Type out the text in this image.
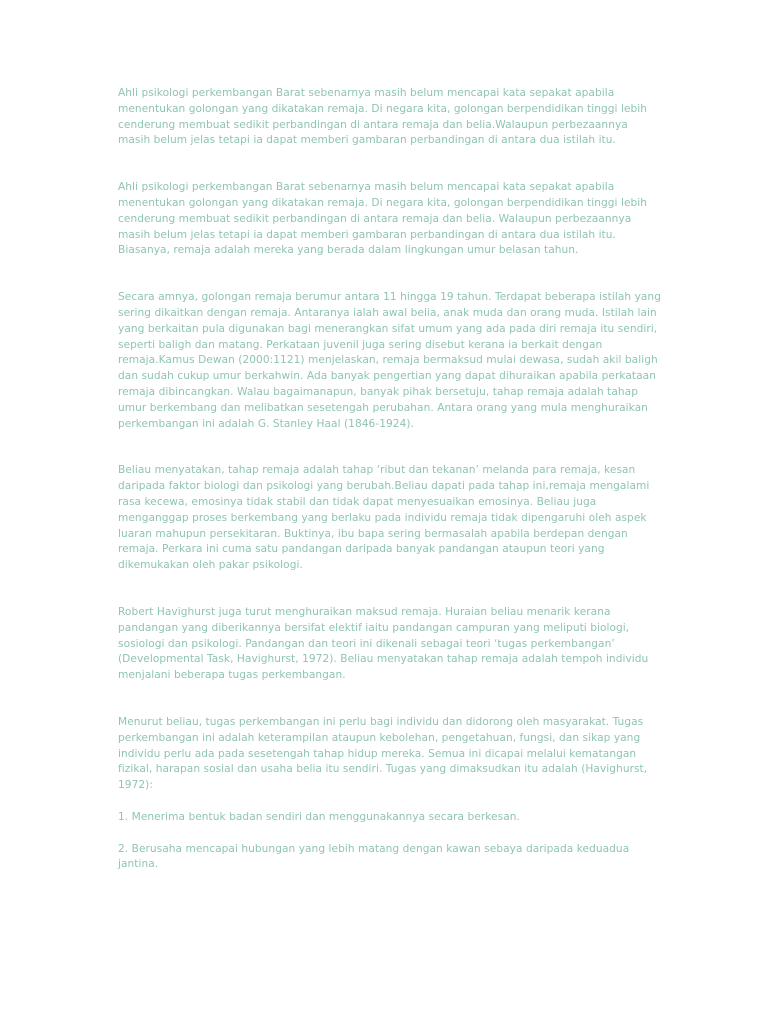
Ahli psikologi perkembangan Barat sebenarnya masih belum mencapai kata sepakat apabila
menentukan golongan yang dikatakan remaja. Di negara kita, golongan berpendidikan tinggi lebih
cenderung membuat sedikit perbandingan di antara remaja dan belia.Walaupun perbezaannya
masih belum jelas tetapi ia dapat memberi gambaran perbandingan di antara dua istilah itu.

Ahli psikologi perkembangan Barat sebenarnya masih belum mencapai kata sepakat apabila
menentukan golongan yang dikatakan remaja. Di negara kita, golongan berpendidikan tinggi lebih
cenderung membuat sedikit perbandingan di antara remaja dan belia. Walaupun perbezaannya
masih belum jelas tetapi ia dapat memberi gambaran perbandingan di antara dua istilah itu.
Biasanya, remaja adalah mereka yang berada dalam lingkungan umur belasan tahun.

Secara amnya, golongan remaja berumur antara 11 hingga 19 tahun. Terdapat beberapa istilah yang
sering dikaitkan dengan remaja. Antaranya ialah awal belia, anak muda dan orang muda. Istilah lain
yang berkaitan pula digunakan bagi menerangkan sifat umum yang ada pada diri remaja itu sendiri,
seperti baligh dan matang. Perkataan juvenil juga sering disebut kerana ia berkait dengan
remaja.Kamus Dewan (2000:1121) menjelaskan, remaja bermaksud mulai dewasa, sudah akil baligh
dan sudah cukup umur berkahwin. Ada banyak pengertian yang dapat dihuraikan apabila perkataan
remaja dibincangkan. Walau bagaimanapun, banyak pihak bersetuju, tahap remaja adalah tahap
umur berkembang dan melibatkan sesetengah perubahan. Antara orang yang mula menghuraikan
perkembangan ini adalah G. Stanley Haal (1846-1924).

Beliau menyatakan, tahap remaja adalah tahap ‘ribut dan tekanan’ melanda para remaja, kesan
daripada faktor biologi dan psikologi yang berubah.Beliau dapati pada tahap ini,remaja mengalami
rasa kecewa, emosinya tidak stabil dan tidak dapat menyesuaikan emosinya. Beliau juga
menganggap proses berkembang yang berlaku pada individu remaja tidak dipengaruhi oleh aspek
luaran mahupun persekitaran. Buktinya, ibu bapa sering bermasalah apabila berdepan dengan
remaja. Perkara ini cuma satu pandangan daripada banyak pandangan ataupun teori yang
dikemukakan oleh pakar psikologi.

Robert Havighurst juga turut menghuraikan maksud remaja. Huraian beliau menarik kerana
pandangan yang diberikannya bersifat elektif iaitu pandangan campuran yang meliputi biologi,
sosiologi dan psikologi. Pandangan dan teori ini dikenali sebagai teori ‘tugas perkembangan’
(Developmental Task, Havighurst, 1972). Beliau menyatakan tahap remaja adalah tempoh individu
menjalani beberapa tugas perkembangan.

Menurut beliau, tugas perkembangan ini perlu bagi individu dan didorong oleh masyarakat. Tugas
perkembangan ini adalah keterampilan ataupun kebolehan, pengetahuan, fungsi, dan sikap yang
individu perlu ada pada sesetengah tahap hidup mereka. Semua ini dicapai melalui kematangan
fizikal, harapan sosial dan usaha belia itu sendiri. Tugas yang dimaksudkan itu adalah (Havighurst,
1972):

1. Menerima bentuk badan sendiri dan menggunakannya secara berkesan.

2. Berusaha mencapai hubungan yang lebih matang dengan kawan sebaya daripada keduadua
jantina.
